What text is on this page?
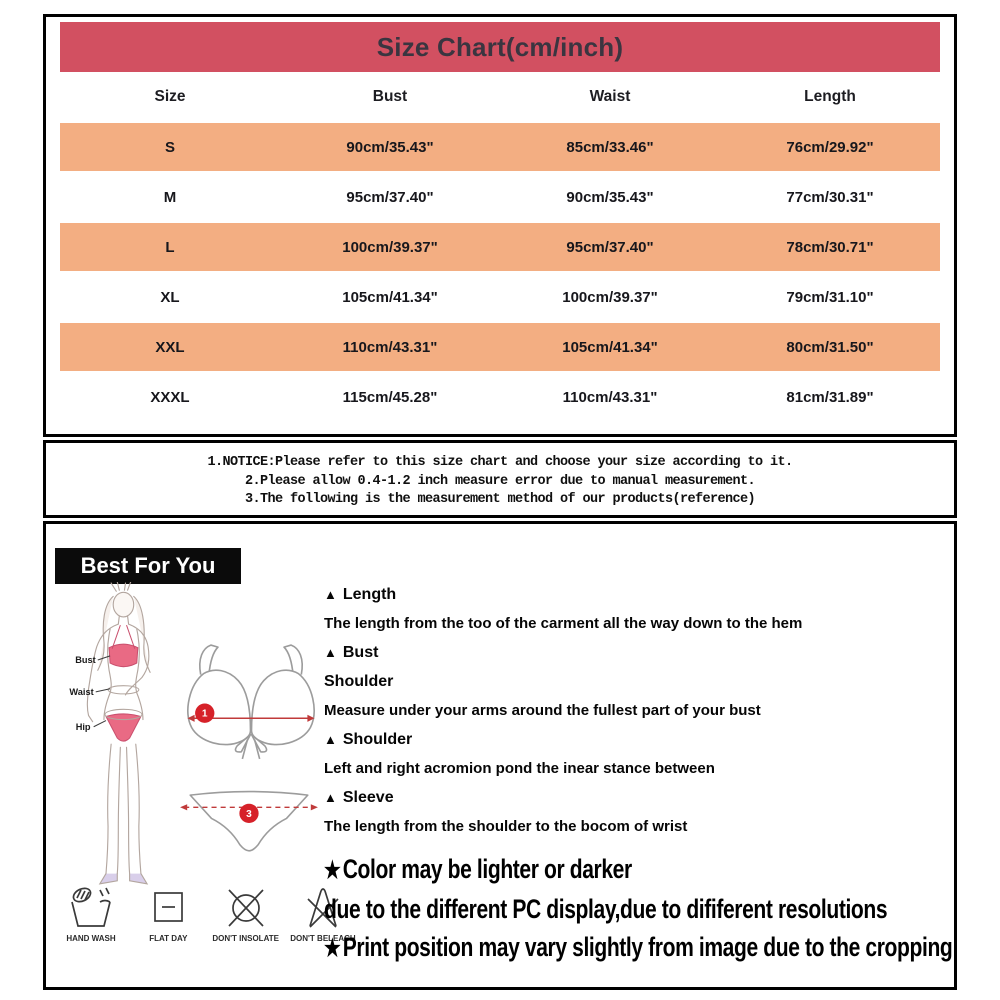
Size Chart(cm/inch)
Size	Bust	Waist	Length
S	90cm/35.43"	85cm/33.46"	76cm/29.92"
M	95cm/37.40"	90cm/35.43"	77cm/30.31"
L	100cm/39.37"	95cm/37.40"	78cm/30.71"
XL	105cm/41.34"	100cm/39.37"	79cm/31.10"
XXL	110cm/43.31"	105cm/41.34"	80cm/31.50"
XXXL	115cm/45.28"	110cm/43.31"	81cm/31.89"
1.NOTICE:Please refer to this size chart and choose your size according to it.
2.Please allow 0.4-1.2 inch measure error due to manual measurement.
3.The following is the measurement method of our products(reference)
Best For You
Bust
Waist
Hip
1
3
HAND WASH	FLAT DAY	DON'T INSOLATE DON'T BELEACH
▲ Length
The length from the too of the carment all the way down to the hem
▲ Bust
Shoulder
Measure under your arms around the fullest part of your bust
▲ Shoulder
Left and right acromion pond the inear stance between
▲ Sleeve
The length from the shoulder to the bocom of wrist
★Color may be lighter or darker
due to the different PC display,due to dififerent resolutions
★Print position may vary slightly from image due to the cropping
